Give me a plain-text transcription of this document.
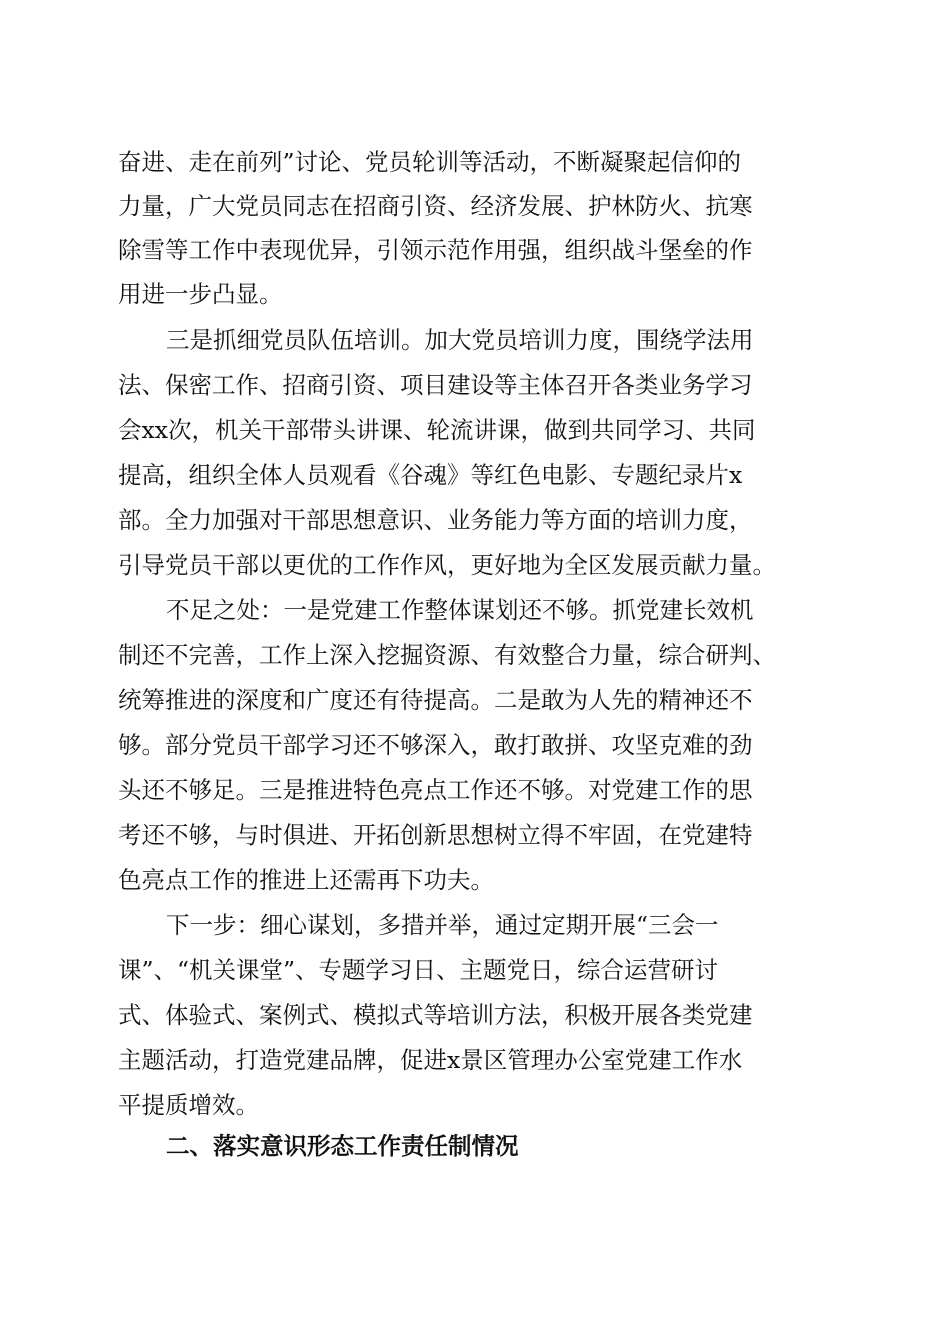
奋进、走在前列”讨论、党员轮训等活动，不断凝聚起信仰的

力量，广大党员同志在招商引资、经济发展、护林防火、抗寒

除雪等工作中表现优异，引领示范作用强，组织战斗堡垒的作

用进一步凸显。

三是抓细党员队伍培训。加大党员培训力度，围绕学法用

法、保密工作、招商引资、项目建设等主体召开各类业务学习

会xx次，机关干部带头讲课、轮流讲课，做到共同学习、共同

提高，组织全体人员观看《谷魂》等红色电影、专题纪录片x

部。全力加强对干部思想意识、业务能力等方面的培训力度，

引导党员干部以更优的工作作风，更好地为全区发展贡献力量。

不足之处：一是党建工作整体谋划还不够。抓党建长效机

制还不完善，工作上深入挖掘资源、有效整合力量，综合研判、

统筹推进的深度和广度还有待提高。二是敢为人先的精神还不

够。部分党员干部学习还不够深入，敢打敢拼、攻坚克难的劲

头还不够足。三是推进特色亮点工作还不够。对党建工作的思

考还不够，与时俱进、开拓创新思想树立得不牢固，在党建特

色亮点工作的推进上还需再下功夫。

下一步：细心谋划，多措并举，通过定期开展“三会一

课”、“机关课堂”、专题学习日、主题党日，综合运营研讨

式、体验式、案例式、模拟式等培训方法，积极开展各类党建

主题活动，打造党建品牌，促进x景区管理办公室党建工作水

平提质增效。

二、落实意识形态工作责任制情况
